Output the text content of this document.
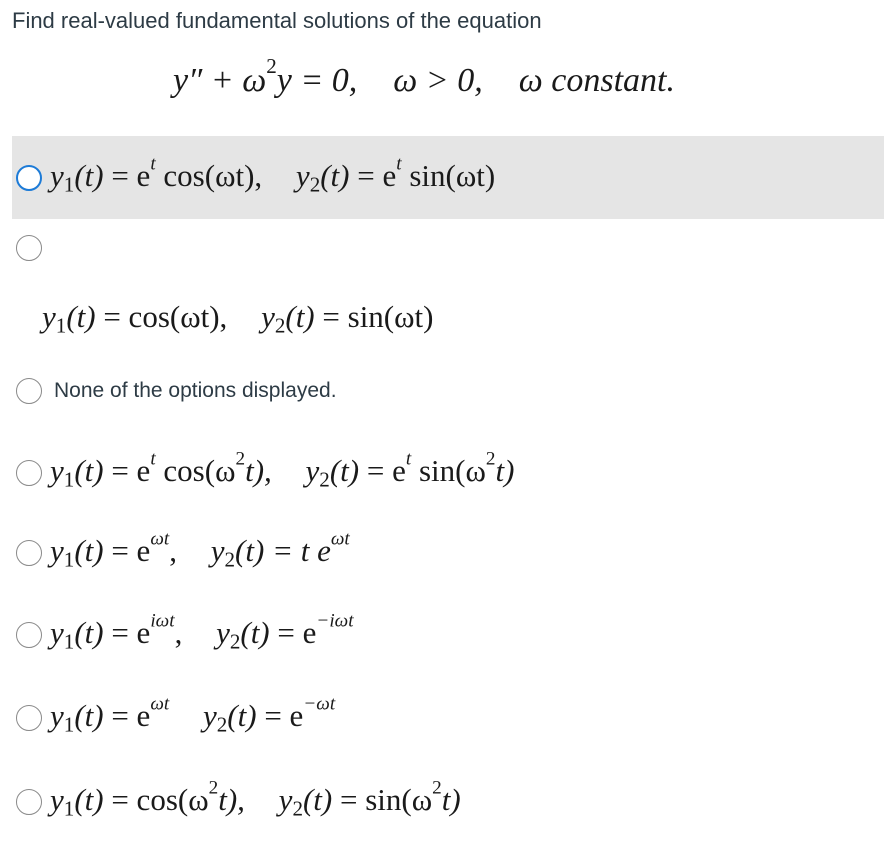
Find real-valued fundamental solutions of the equation
$y'' + \omega^2y = 0$, ω > 0, ω constant.
$y_1(t) = e^t$ cos(ωt), $y_2(t) = e^t$ sin(ωt)
$y_1(t) = \cos(\omega t)$, $y_2(t) = \sin(\omega t)$
None of the options displayed.
$y_1(t) = e^t$ $\cos(\omega^2t)$, $y_2(t) = e^t$ $\sin(\omega^2t)$
$y_1(t) = e^{\omega t}$, $y_2(t) = t$ $e^{\omega t}$
$y_1(t) = e^{i\omega t}$, $y_2(t) = e^{-i\omega t}$
$y_1(t) = e^{\omega t}$ $y_2(t) = e^{-\omega t}$
$y_1(t) = \cos(\omega^2t)$, $y_2(t) = \sin(\omega^2t)$
